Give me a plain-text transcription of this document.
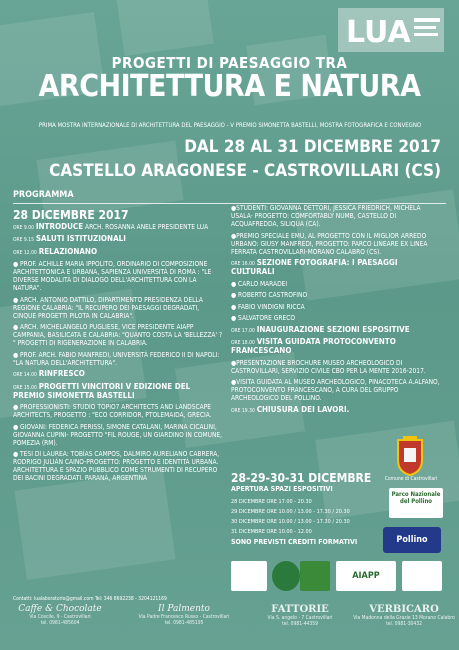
LUA
PROGETTI DI PAESAGGIO TRA
ARCHITETTURA E NATURA
PRIMA MOSTRA INTERNAZIONALE DI ARCHITETTURA DEL PAESAGGIO - V PREMIO SIMONETTA BASTELLI, MOSTRA FOTOGRAFICA E CONVEGNO
DAL 28 AL 31 DICEMBRE 2017
CASTELLO ARAGONESE - CASTROVILLARI (CS)
PROGRAMMA
28 DICEMBRE 2017
ORE 9.00 INTRODUCE ARCH. ROSANNA ANELE PRESIDENTE LUA
ORE 9.15 SALUTI ISTITUZIONALI
ORE 12.00 RELAZIONANO
● PROF. ACHILLE MARIA IPPOLITO, ORDINARIO DI COMPOSIZIONE ARCHITETTONICA E URBANA, SAPIENZA UNIVERSITÀ DI ROMA : "LE DIVERSE MODALITÀ DI DIALOGO DELL'ARCHITETTURA CON LA NATURA".
● ARCH. ANTONIO DATTILO, DIPARTIMENTO PRESIDENZA DELLA REGIONE CALABRIA: "IL RECUPERO DEI PAESAGGI DEGRADATI, CINQUE PROGETTI PILOTA IN CALABRIA".
● ARCH. MICHELANGELO PUGLIESE, VICE PRESIDENTE AIAPP CAMPANIA, BASILICATA E CALABRIA: "QUANTO COSTA LA 'BELLEZZA' ? " PROGETTI DI RIGENERAZIONE IN CALABRIA.
● PROF. ARCH. FABIO MANFREDI, UNIVERSITÀ FEDERICO II DI NAPOLI: "LA NATURA DELL'ARCHITETTURA".
ORE 14.00 RINFRESCO
ORE 15.00 PROGETTI VINCITORI V EDIZIONE DEL PREMIO SIMONETTA BASTELLI
● PROFESSIONISTI: STUDIO TOPIO7 ARCHITECTS AND LANDSCAPE ARCHITECTS, PROGETTO : "ECO CORRIDOR, PTOLEMAIDA, GRECIA.
● GIOVANI: FEDERICA PERISSI, SIMONE CATALANI, MARINA CICALINI, GIOVANNA CUPINI- PROGETTO "FIL ROUGE, UN GIARDINO IN COMUNE, POMEZIA (RM).
● TESI DI LAUREA: TOBÍAS CAMPOS, DALMIRO AURELIANO CABRERA, RODRIGO JULIÁN CAINO-PROGETTO: PROGETTO E IDENTITÀ URBANA. ARCHITETTURA E SPAZIO PUBBLICO COME STRUMENTI DI RECUPERO DEI BACINI DEGRADATI. PARANÀ, ARGENTINA
●STUDENTI: GIOVANNA DETTORI, JESSICA FRIEDRICH, MICHELA USALA- PROGETTO: COMFORTABLY NUMB, CASTELLO DI ACQUAFREDDA, SILIQUA (CA).
●PREMIO SPECIALE EMU, AL PROGETTO CON IL MIGLIOR ARREDO URBANO: GIUSY MANFREDI, PROGETTO: PARCO LINEARE EX LINEA FERRATA CASTROVILLARI-MORANO CALABRO (CS).
ORE 16.00 SEZIONE FOTOGRAFIA: I PAESAGGI CULTURALI
● CARLO MARADEI
● ROBERTO CASTROFINO
● FABIO VINDIGNI RICCA
● SALVATORE GRECO
ORE 17.00 INAUGURAZIONE SEZIONI ESPOSITIVE
ORE 18.00 VISITA GUIDATA PROTOCONVENTO FRANCESCANO
●PRESENTAZIONE BROCHURE MUSEO ARCHEOLOGICO DI CASTROVILLARI, SERVIZIO CIVILE CBO PER LA MENTE 2016-2017.
●VISITA GUIDATA AL MUSEO ARCHEOLOGICO, PINACOTECA A.ALFANO, PROTOCONVENTO FRANCESCANO, A CURA DEL GRUPPO ARCHEOLOGICO DEL POLLINO.
ORE 19.30 CHIUSURA DEI LAVORI.
28-29-30-31 DICEMBRE
APERTURA SPAZI ESPOSITIVI
28 DICEMBRE ORE 17.00 - 20.30
29 DICEMBRE ORE 10.00 / 13.00 - 17.30 / 20.30
30 DICEMBRE ORE 10.00 / 13.00 - 17.30 / 20.30
31 DICEMBRE ORE 10.00 - 12.00
SONO PREVISTI CREDITI FORMATIVI
Comune di Castrovillari
Parco Nazionale del Pollino
Pollino
AIAPP
Contatti: lualaboratorio@gmail.com Tel: 346 8692238 - 3204121169
Caffe & Chocolate
Via Coscile, 9 - Castrovillari
tel. 0981-485604
Il Palmento
Via Padre Francesco Russo - Castrovillari
tel. 0981-485195
FATTORIE
Via S. angelo - 7 Castrovillari
tel. 0981-44359
VERBICARO
Via Madonna della Grazie 13 Morano Calabro
tel. 0981-30432
